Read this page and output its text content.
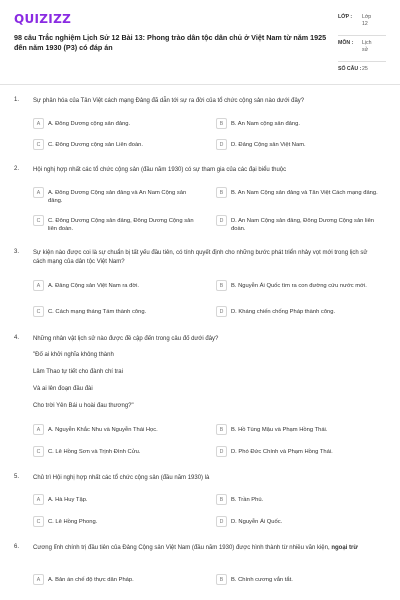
QUIZIZZ
98 câu Trắc nghiệm Lịch Sử 12 Bài 13: Phong trào dân tộc dân chủ ở Việt Nam từ năm 1925 đến năm 1930 (P3) có đáp án
LỚP :	Lớp
12
MÔN :	Lịch
sử
SỐ CÂU : 25
1. Sự phân hóa của Tân Việt cách mạng Đảng đã dẫn tới sự ra đời của tổ chức cộng sản nào dưới đây?
A	A. Đông Dương cộng sản đảng.	B	B. An Nam cộng sản đảng.
C	C. Đông Dương cộng sản Liên đoàn.	D	D. Đảng Cộng sản Việt Nam.
2. Hội nghị hợp nhất các tổ chức cộng sản (đầu năm 1930) có sự tham gia của các đại biểu thuộc
A	A. Đông Dương Cộng sản đảng và An Nam Cộng sản đảng.
B	B. An Nam Cộng sản đảng và Tân Việt Cách mạng đảng.
C	C. Đông Dương Cộng sản đảng, Đông Dương Cộng sản liên đoàn.
D	D. An Nam Cộng sản đảng, Đông Dương Cộng sản liên đoàn.
3. Sự kiện nào được coi là sự chuẩn bị tất yếu đầu tiên, có tính quyết định cho những bước phát triển nhảy vọt mới trong lịch sử cách mạng của dân tộc Việt Nam?
A	A. Đảng Cộng sản Việt Nam ra đời.	B	B. Nguyễn Ái Quốc tìm ra con đường cứu nước mới.
C	C. Cách mạng tháng Tám thành công.	D	D. Kháng chiến chống Pháp thành công.
4. Những nhân vật lịch sử nào được đề cập đến trong câu đố dưới đây?
"Đố ai khởi nghĩa không thành
Lâm Thao tự tiết cho đành chí trai
Và ai lên đoạn đầu đài
Cho trời Yên Bái u hoài đau thương?"
A	A. Nguyễn Khắc Nhu và Nguyễn Thái Học.	B	B. Hồ Tùng Mậu và Phạm Hồng Thái.
C	C. Lê Hồng Sơn và Trịnh Đình Cửu.	D	D. Phó Đức Chính và Phạm Hồng Thái.
5. Chủ trì Hội nghị hợp nhất các tổ chức cộng sản (đầu năm 1930) là
A	A. Hà Huy Tập.	B	B. Trần Phú.
C	C. Lê Hồng Phong.	D	D. Nguyễn Ái Quốc.
6. Cương lĩnh chính trị đầu tiên của Đảng Cộng sản Việt Nam (đầu năm 1930) được hình thành từ nhiều văn kiện, ngoại trừ
A	A. Bản án chế độ thực dân Pháp.	B	B. Chính cương vắn tắt.
